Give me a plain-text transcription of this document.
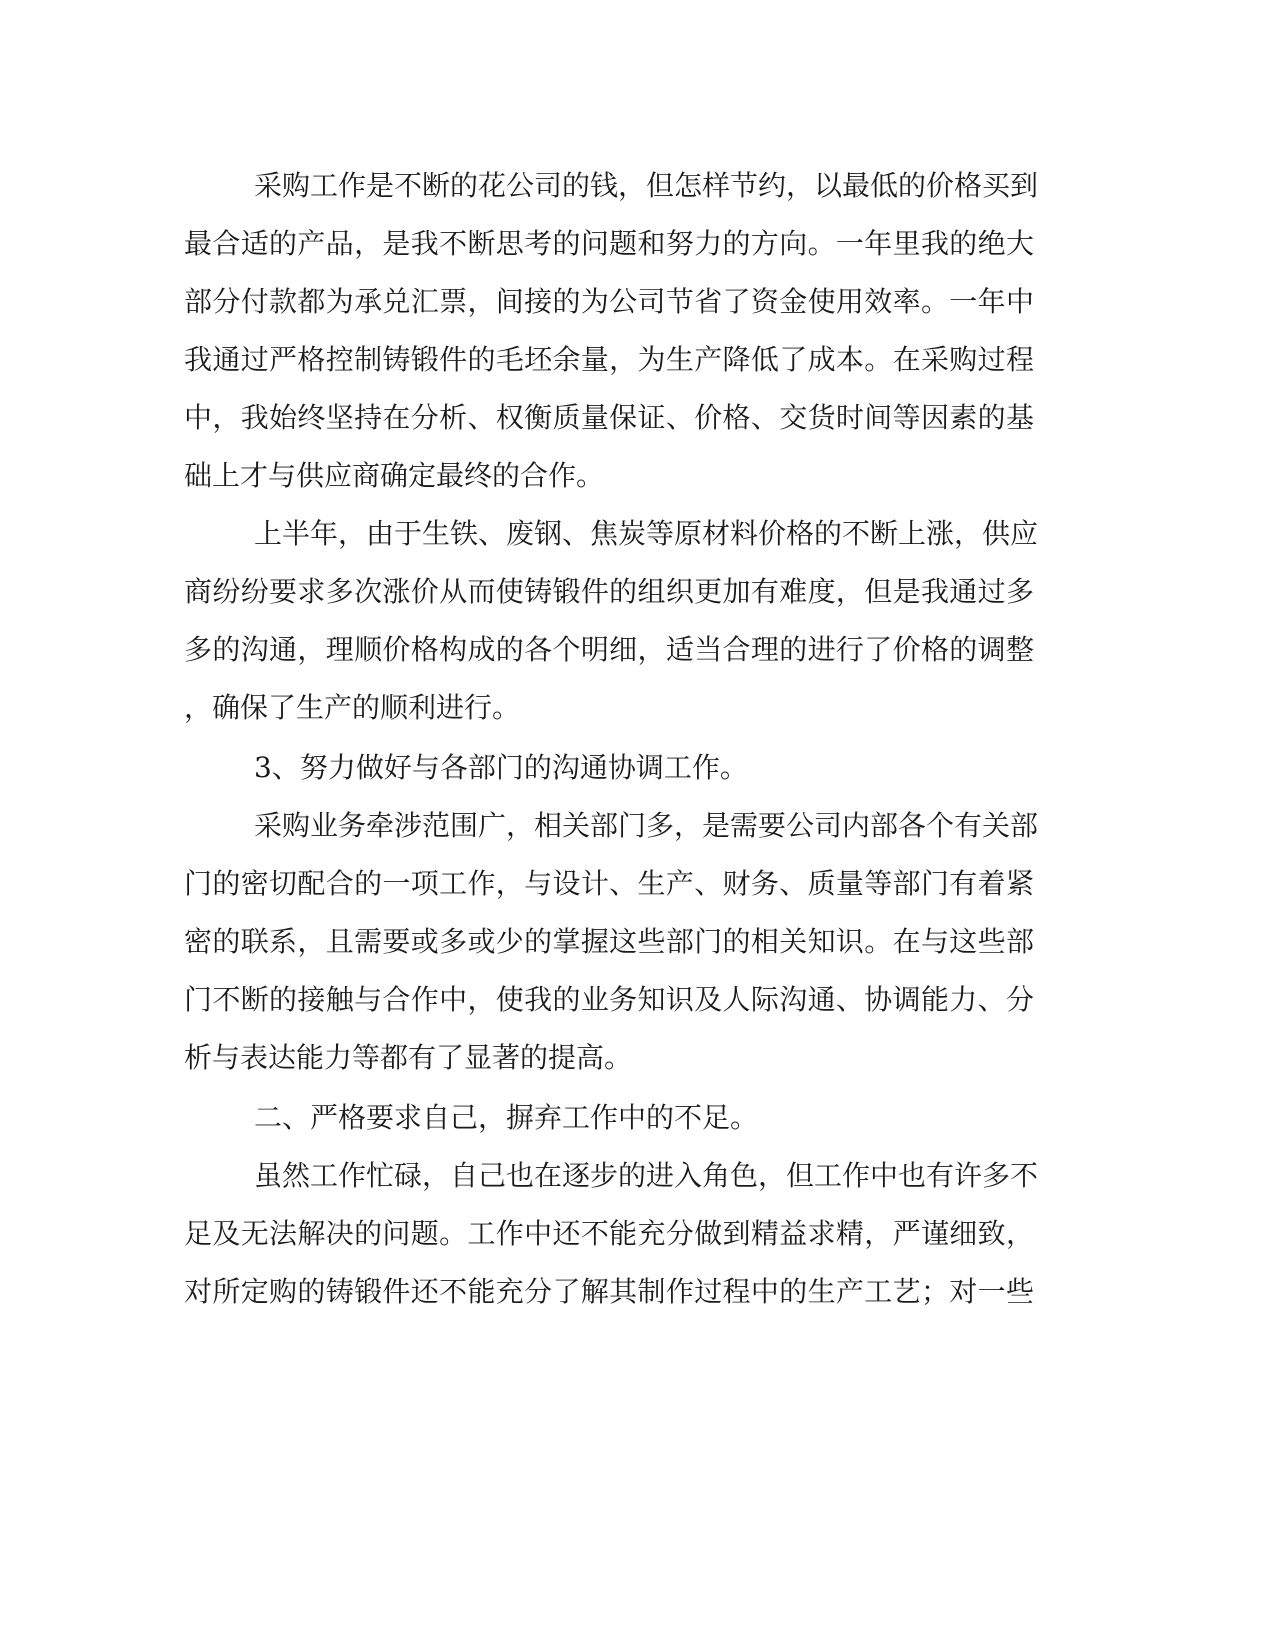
采购工作是不断的花公司的钱，但怎样节约，以最低的价格买到
最合适的产品，是我不断思考的问题和努力的方向。一年里我的绝大
部分付款都为承兑汇票，间接的为公司节省了资金使用效率。一年中
我通过严格控制铸锻件的毛坯余量，为生产降低了成本。在采购过程
中，我始终坚持在分析、权衡质量保证、价格、交货时间等因素的基
础上才与供应商确定最终的合作。
上半年，由于生铁、废钢、焦炭等原材料价格的不断上涨，供应
商纷纷要求多次涨价从而使铸锻件的组织更加有难度，但是我通过多
多的沟通，理顺价格构成的各个明细，适当合理的进行了价格的调整
，确保了生产的顺利进行。
3、努力做好与各部门的沟通协调工作。
采购业务牵涉范围广，相关部门多，是需要公司内部各个有关部
门的密切配合的一项工作，与设计、生产、财务、质量等部门有着紧
密的联系，且需要或多或少的掌握这些部门的相关知识。在与这些部
门不断的接触与合作中，使我的业务知识及人际沟通、协调能力、分
析与表达能力等都有了显著的提高。
二、严格要求自己，摒弃工作中的不足。
虽然工作忙碌，自己也在逐步的进入角色，但工作中也有许多不
足及无法解决的问题。工作中还不能充分做到精益求精，严谨细致，
对所定购的铸锻件还不能充分了解其制作过程中的生产工艺；对一些
